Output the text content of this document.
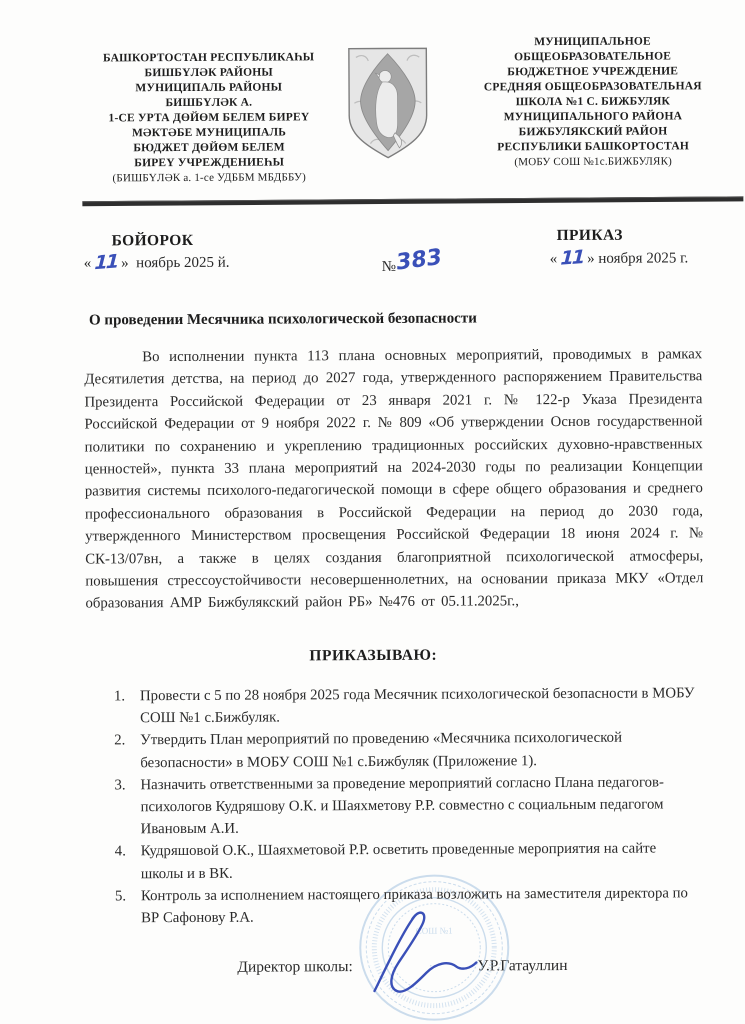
БАШКОРТОСТАН РЕСПУБЛИКАҺЫ
БИШБҮЛӘК РАЙОНЫ
МУНИЦИПАЛЬ РАЙОНЫ
БИШБҮЛӘК А.
1-СЕ УРТА ДӨЙӨМ БЕЛЕМ БИРЕҮ
МӘКТӘБЕ МУНИЦИПАЛЬ
БЮДЖЕТ ДӨЙӨМ БЕЛЕМ
БИРЕҮ УЧРЕЖДЕНИЕҺЫ
(БИШБҮЛӘК а. 1-се УДББМ МБДББУ)
МУНИЦИПАЛЬНОЕ
ОБЩЕОБРАЗОВАТЕЛЬНОЕ
БЮДЖЕТНОЕ УЧРЕЖДЕНИЕ
СРЕДНЯЯ ОБЩЕОБРАЗОВАТЕЛЬНАЯ
ШКОЛА №1 С. БИЖБУЛЯК
МУНИЦИПАЛЬНОГО РАЙОНА
БИЖБУЛЯКСКИЙ РАЙОН
РЕСПУБЛИКИ БАШКОРТОСТАН
(МОБУ СОШ №1с.БИЖБУЛЯК)
БОЙОРОК	ПРИКАЗ
« 11 » ноябрь 2025 й.	№383	« 11 » ноября 2025 г.
О проведении Месячника психологической безопасности
Во исполнении пункта 113 плана основных мероприятий, проводимых в рамках Десятилетия детства, на период до 2027 года, утвержденного распоряжением Правительства Президента Российской Федерации от 23 января 2021 г. № 122-р Указа Президента Российской Федерации от 9 ноября 2022 г. № 809 «Об утверждении Основ государственной политики по сохранению и укреплению традиционных российских духовно-нравственных ценностей», пункта 33 плана мероприятий на 2024-2030 годы по реализации Концепции развития системы психолого-педагогической помощи в сфере общего образования и среднего профессионального образования в Российской Федерации на период до 2030 года, утвержденного Министерством просвещения Российской Федерации 18 июня 2024 г. № СК-13/07вн, а также в целях создания благоприятной психологической атмосферы, повышения стрессоустойчивости несовершеннолетних, на основании приказа МКУ «Отдел образования АМР Бижбулякский район РБ» №476 от 05.11.2025г.,
ПРИКАЗЫВАЮ:
1.	Провести с 5 по 28 ноября 2025 года Месячник психологической безопасности в МОБУ СОШ №1 с.Бижбуляк.
2.	Утвердить План мероприятий по проведению «Месячника психологической безопасности» в МОБУ СОШ №1 с.Бижбуляк (Приложение 1).
3.	Назначить ответственными за проведение мероприятий согласно Плана педагогов-психологов Кудряшову О.К. и Шаяхметову Р.Р. совместно с социальным педагогом Ивановым А.И.
4.	Кудряшовой О.К., Шаяхметовой Р.Р. осветить проведенные мероприятия на сайте школы и в ВК.
5.	Контроль за исполнением настоящего приказа возложить на заместителя директора по ВР Сафонову Р.А.
СОШ №1
• • •
Директор школы:	У.Р.Гатауллин
